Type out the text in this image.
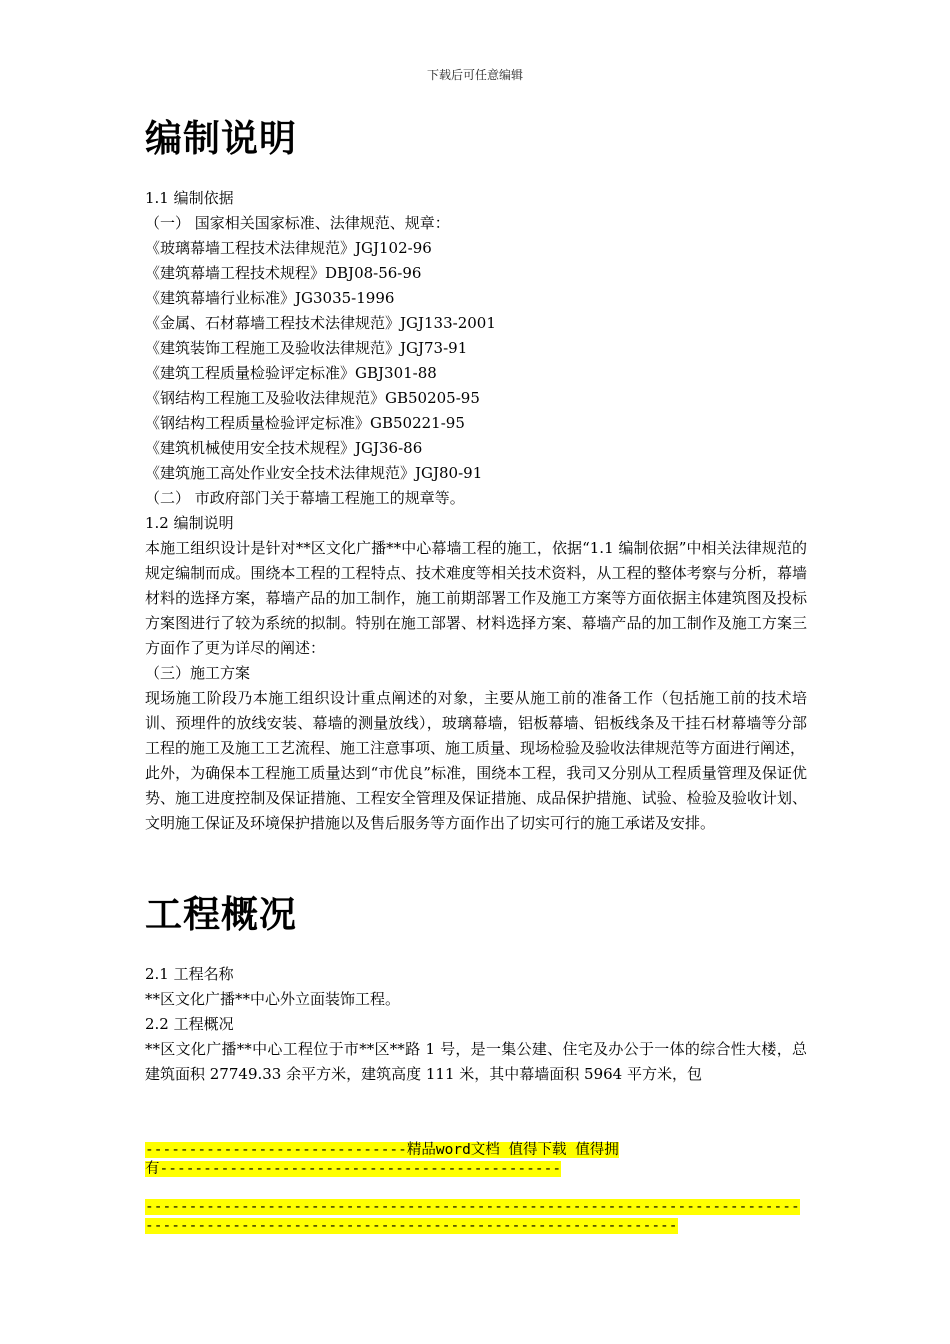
下载后可任意编辑
编制说明
1.1 编制依据
（一） 国家相关国家标准、法律规范、规章：
《玻璃幕墙工程技术法律规范》JGJ102-96
《建筑幕墙工程技术规程》DBJ08-56-96
《建筑幕墙行业标准》JG3035-1996
《金属、石材幕墙工程技术法律规范》JGJ133-2001
《建筑装饰工程施工及验收法律规范》JGJ73-91
《建筑工程质量检验评定标准》GBJ301-88
《钢结构工程施工及验收法律规范》GB50205-95
《钢结构工程质量检验评定标准》GB50221-95
《建筑机械使用安全技术规程》JGJ36-86
《建筑施工高处作业安全技术法律规范》JGJ80-91
（二） 市政府部门关于幕墙工程施工的规章等。
1.2 编制说明
本施工组织设计是针对**区文化广播**中心幕墙工程的施工，依据“1.1 编制依据”中相关法律规范的规定编制而成。围绕本工程的工程特点、技术难度等相关技术资料，从工程的整体考察与分析，幕墙材料的选择方案，幕墙产品的加工制作，施工前期部署工作及施工方案等方面依据主体建筑图及投标方案图进行了较为系统的拟制。特别在施工部署、材料选择方案、幕墙产品的加工制作及施工方案三方面作了更为详尽的阐述：
（三）施工方案
现场施工阶段乃本施工组织设计重点阐述的对象，主要从施工前的准备工作（包括施工前的技术培训、预埋件的放线安装、幕墙的测量放线），玻璃幕墙，铝板幕墙、铝板线条及干挂石材幕墙等分部工程的施工及施工工艺流程、施工注意事项、施工质量、现场检验及验收法律规范等方面进行阐述，
此外，为确保本工程施工质量达到“市优良”标准，围绕本工程，我司又分别从工程质量管理及保证优势、施工进度控制及保证措施、工程安全管理及保证措施、成品保护措施、试验、检验及验收计划、文明施工保证及环境保护措施以及售后服务等方面作出了切实可行的施工承诺及安排。
工程概况
2.1 工程名称
**区文化广播**中心外立面装饰工程。
2.2 工程概况
**区文化广播**中心工程位于市**区**路 1 号，是一集公建、住宅及办公于一体的综合性大楼，总建筑面积 27749.33 余平方米，建筑高度 111 米，其中幕墙面积 5964 平方米，包
------------------------------精品word文档 值得下载 值得拥
有----------------------------------------------
---------------------------------------------------------------------------
-------------------------------------------------------------
